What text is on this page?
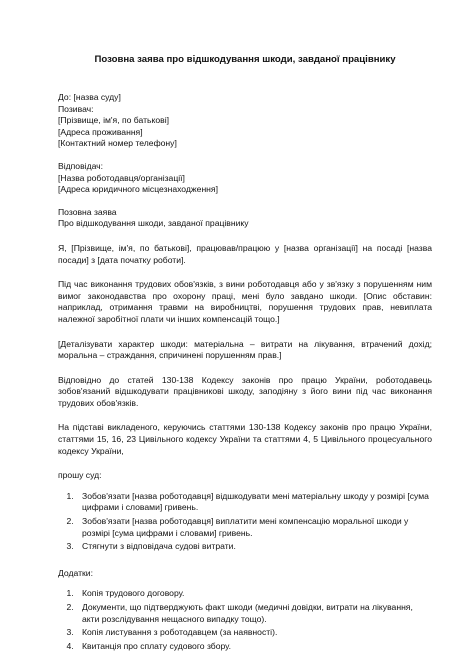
Позовна заява про відшкодування шкоди, завданої працівнику
До: [назва суду]
Позивач:
[Прізвище, ім'я, по батькові]
[Адреса проживання]
[Контактний номер телефону]
Відповідач:
[Назва роботодавця/організації]
[Адреса юридичного місцезнаходження]
Позовна заява
Про відшкодування шкоди, завданої працівнику

Я, [Прізвище, ім'я, по батькові], працював/працюю у [назва організації] на посаді [назва посади] з [дата початку роботи].

Під час виконання трудових обов'язків, з вини роботодавця або у зв'язку з порушенням ним вимог законодавства про охорону праці, мені було завдано шкоди. [Опис обставин: наприклад, отримання травми на виробництві, порушення трудових прав, невиплата належної заробітної плати чи інших компенсацій тощо.]

[Деталізувати характер шкоди: матеріальна – витрати на лікування, втрачений дохід; моральна – страждання, спричинені порушенням прав.]

Відповідно до статей 130-138 Кодексу законів про працю України, роботодавець зобов'язаний відшкодувати працівникові шкоду, заподіяну з його вини під час виконання трудових обов'язків.

На підставі викладеного, керуючись статтями 130-138 Кодексу законів про працю України, статтями 15, 16, 23 Цивільного кодексу України та статтями 4, 5 Цивільного процесуального кодексу України,

прошу суд:
1. Зобов'язати [назва роботодавця] відшкодувати мені матеріальну шкоду у розмірі [сума цифрами і словами] гривень.
2. Зобов'язати [назва роботодавця] виплатити мені компенсацію моральної шкоди у розмірі [сума цифрами і словами] гривень.
3. Стягнути з відповідача судові витрати.
Додатки:
1. Копія трудового договору.
2. Документи, що підтверджують факт шкоди (медичні довідки, витрати на лікування, акти розслідування нещасного випадку тощо).
3. Копія листування з роботодавцем (за наявності).
4. Квитанція про сплату судового збору.
